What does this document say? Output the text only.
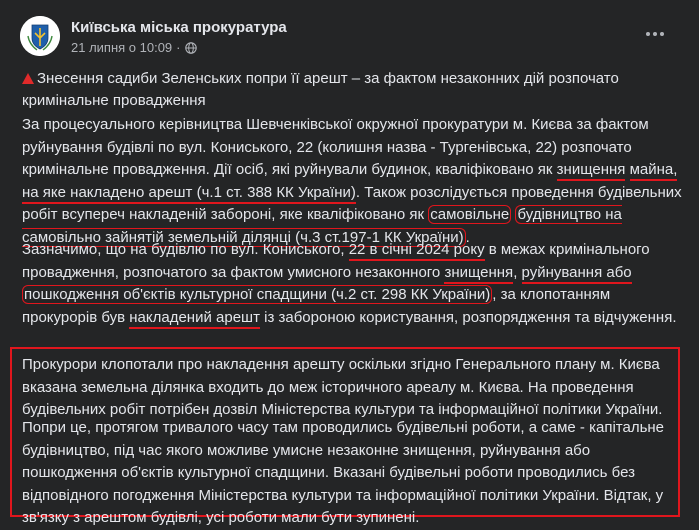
Київська міська прокуратура
21 липня о 10:09 ·
Знесення садиби Зеленських попри її арешт – за фактом незаконних дій розпочато кримінальне провадження
За процесуального керівництва Шевченківської окружної прокуратури м. Києва за фактом руйнування будівлі по вул. Кониського, 22 (колишня назва - Тургенівська, 22) розпочато кримінальне провадження. Дії осіб, які руйнували будинок, кваліфіковано як знищення майна, на яке накладено арешт (ч.1 ст. 388 КК України). Також розслідується проведення будівельних робіт всупереч накладеній забороні, яке кваліфіковано як самовільне будівництво на самовільно зайнятій земельній ділянці (ч.3 ст.197-1 КК України) .
Зазначимо, що на будівлю по вул. Кониського, 22 в січні 2024 року в межах кримінального провадження, розпочатого за фактом умисного незаконного знищення, руйнування або пошкодження об'єктів культурної спадщини (ч.2 ст. 298 КК України) , за клопотанням прокурорів був накладений арешт із забороною користування, розпорядження та відчуження.
Прокурори клопотали про накладення арешту оскільки згідно Генерального плану м. Києва вказана земельна ділянка входить до меж історичного ареалу м. Києва. На проведення будівельних робіт потрібен дозвіл Міністерства культури та інформаційної політики України.
Попри це, протягом тривалого часу там проводились будівельні роботи, а саме - капітальне будівництво, під час якого можливе умисне незаконне знищення, руйнування або пошкодження об'єктів культурної спадщини. Вказані будівельні роботи проводились без відповідного погодження Міністерства культури та інформаційної політики України. Відтак, у зв'язку з арештом будівлі, усі роботи мали бути зупинені.
